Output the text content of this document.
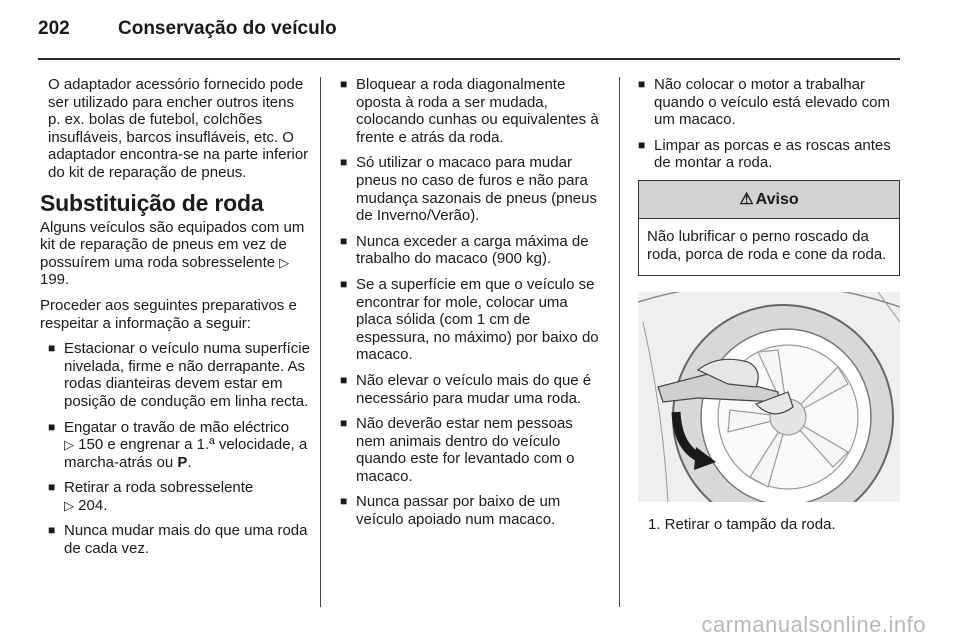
202	Conservação do veículo
O adaptador acessório fornecido pode ser utilizado para encher outros itens p. ex. bolas de futebol, colchões insufláveis, barcos insufláveis, etc. O adaptador encontra-se na parte inferior do kit de reparação de pneus.
Substituição de roda
Alguns veículos são equipados com um kit de reparação de pneus em vez de possuírem uma roda sobresselente ▷ 199.
Proceder aos seguintes preparativos e respeitar a informação a seguir:
■ Estacionar o veículo numa superfície nivelada, firme e não derrapante. As rodas dianteiras devem estar em posição de condução em linha recta.
■ Engatar o travão de mão eléctrico
▷ 150 e engrenar a 1.ª velocidade, a marcha-atrás ou P.
■ Retirar a roda sobresselente
▷ 204.
■ Nunca mudar mais do que uma roda de cada vez.
■ Bloquear a roda diagonalmente oposta à roda a ser mudada, colocando cunhas ou equivalentes à frente e atrás da roda.
■ Só utilizar o macaco para mudar pneus no caso de furos e não para mudança sazonais de pneus (pneus de Inverno/Verão).
■ Nunca exceder a carga máxima de trabalho do macaco (900 kg).
■ Se a superfície em que o veículo se encontrar for mole, colocar uma placa sólida (com 1 cm de espessura, no máximo) por baixo do macaco.
■ Não elevar o veículo mais do que é necessário para mudar uma roda.
■ Não deverão estar nem pessoas nem animais dentro do veículo quando este for levantado com o macaco.
■ Nunca passar por baixo de um veículo apoiado num macaco.
■ Não colocar o motor a trabalhar quando o veículo está elevado com um macaco.
■ Limpar as porcas e as roscas antes de montar a roda.
⚠ Aviso
Não lubrificar o perno roscado da roda, porca de roda e cone da roda.
1. Retirar o tampão da roda.
carmanualsonline.info
